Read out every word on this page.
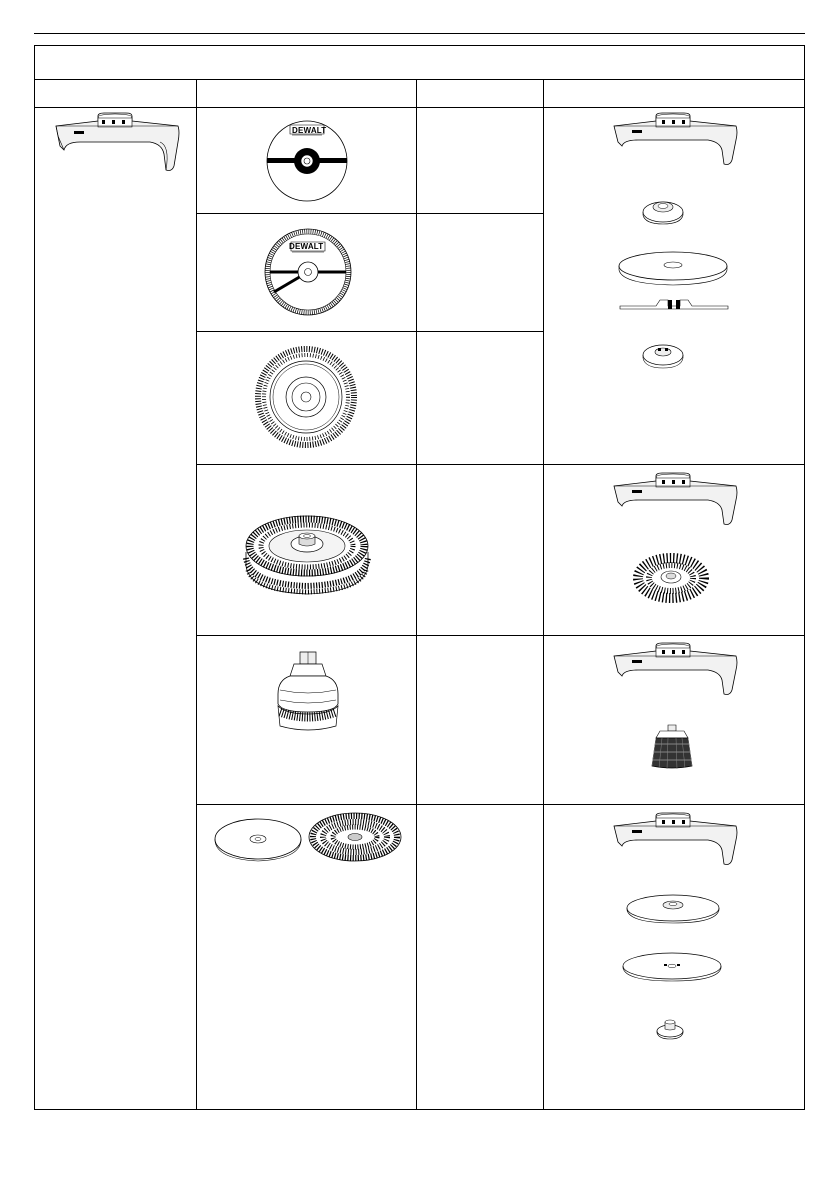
DEWALT
DEWALT
